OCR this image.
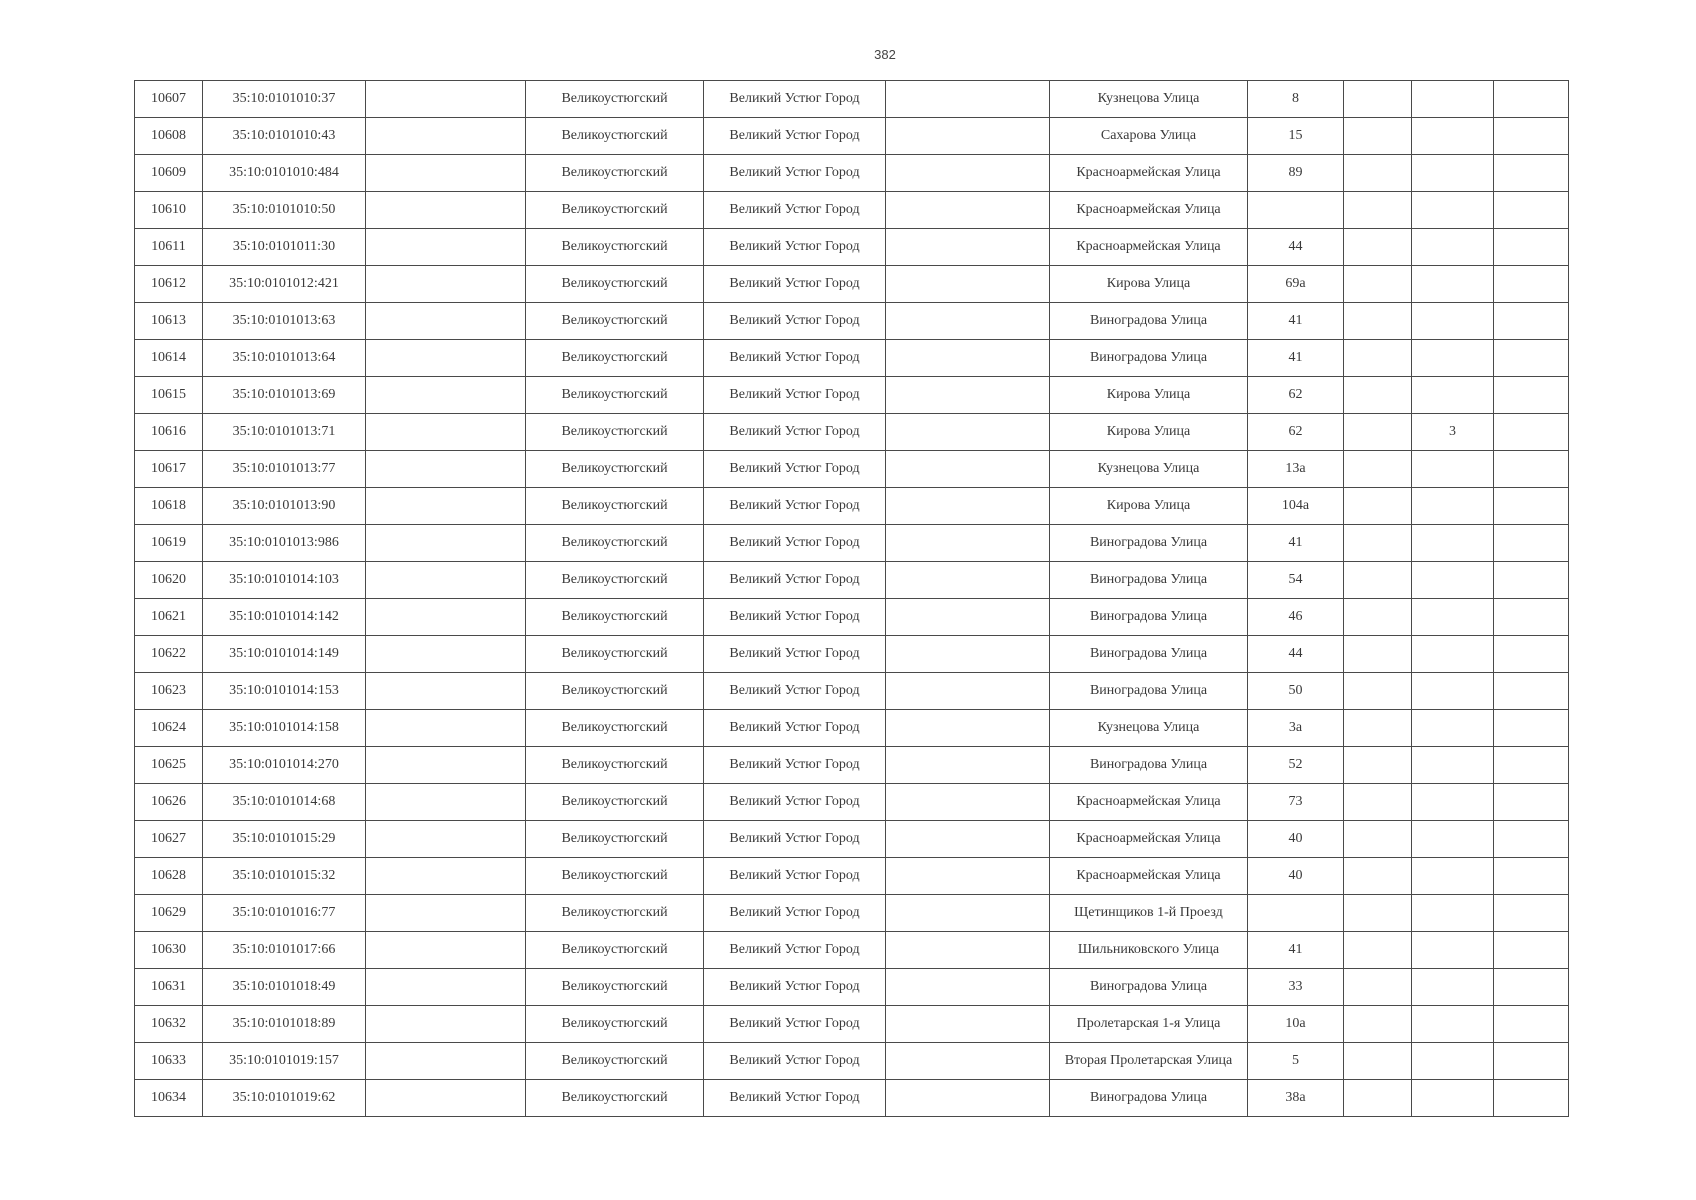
382
10607	35:10:0101010:37		Великоустюгский	Великий Устюг Город		Кузнецова Улица	8			
10608	35:10:0101010:43		Великоустюгский	Великий Устюг Город		Сахарова Улица	15			
10609	35:10:0101010:484		Великоустюгский	Великий Устюг Город		Красноармейская Улица	89			
10610	35:10:0101010:50		Великоустюгский	Великий Устюг Город		Красноармейская Улица				
10611	35:10:0101011:30		Великоустюгский	Великий Устюг Город		Красноармейская Улица	44			
10612	35:10:0101012:421		Великоустюгский	Великий Устюг Город		Кирова Улица	69а			
10613	35:10:0101013:63		Великоустюгский	Великий Устюг Город		Виноградова Улица	41			
10614	35:10:0101013:64		Великоустюгский	Великий Устюг Город		Виноградова Улица	41			
10615	35:10:0101013:69		Великоустюгский	Великий Устюг Город		Кирова Улица	62			
10616	35:10:0101013:71		Великоустюгский	Великий Устюг Город		Кирова Улица	62		3	
10617	35:10:0101013:77		Великоустюгский	Великий Устюг Город		Кузнецова Улица	13а			
10618	35:10:0101013:90		Великоустюгский	Великий Устюг Город		Кирова Улица	104а			
10619	35:10:0101013:986		Великоустюгский	Великий Устюг Город		Виноградова Улица	41			
10620	35:10:0101014:103		Великоустюгский	Великий Устюг Город		Виноградова Улица	54			
10621	35:10:0101014:142		Великоустюгский	Великий Устюг Город		Виноградова Улица	46			
10622	35:10:0101014:149		Великоустюгский	Великий Устюг Город		Виноградова Улица	44			
10623	35:10:0101014:153		Великоустюгский	Великий Устюг Город		Виноградова Улица	50			
10624	35:10:0101014:158		Великоустюгский	Великий Устюг Город		Кузнецова Улица	3а			
10625	35:10:0101014:270		Великоустюгский	Великий Устюг Город		Виноградова Улица	52			
10626	35:10:0101014:68		Великоустюгский	Великий Устюг Город		Красноармейская Улица	73			
10627	35:10:0101015:29		Великоустюгский	Великий Устюг Город		Красноармейская Улица	40			
10628	35:10:0101015:32		Великоустюгский	Великий Устюг Город		Красноармейская Улица	40			
10629	35:10:0101016:77		Великоустюгский	Великий Устюг Город		Щетинщиков 1-й Проезд				
10630	35:10:0101017:66		Великоустюгский	Великий Устюг Город		Шильниковского Улица	41			
10631	35:10:0101018:49		Великоустюгский	Великий Устюг Город		Виноградова Улица	33			
10632	35:10:0101018:89		Великоустюгский	Великий Устюг Город		Пролетарская 1-я Улица	10а			
10633	35:10:0101019:157		Великоустюгский	Великий Устюг Город		Вторая Пролетарская Улица	5			
10634	35:10:0101019:62		Великоустюгский	Великий Устюг Город		Виноградова Улица	38а			
